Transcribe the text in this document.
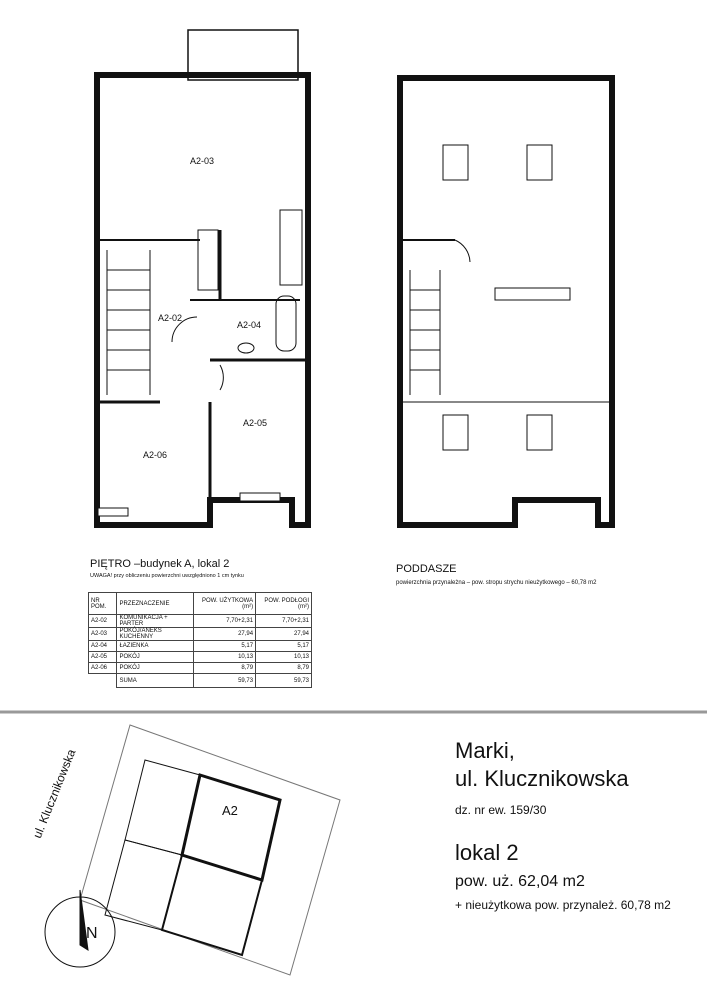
A2-03
A2-02
A2-04
A2-05
A2-06
PIĘTRO –budynek A, lokal 2
UWAGA! przy obliczeniu powierzchni uwzględniono 1 cm tynku
NR POM.	PRZEZNACZENIE	POW. UŻYTKOWA (m²)	POW. PODŁOGI (m²)
A2-02	KOMUNIKACJA + PARTER	7,70+2,31	7,70+2,31
A2-03	POKÓJ/ANEKS KUCHENNY	27,94	27,94
A2-04	ŁAZIENKA	5,17	5,17
A2-05	POKÓJ	10,13	10,13
A2-06	POKÓJ	8,79	8,79
	SUMA	59,73	59,73
PODDASZE
powierzchnia przynależna – pow. stropu strychu nieużytkowego – 60,78 m2
ul. Klucznikowska	A2
N
Marki,
ul. Klucznikowska
dz. nr ew. 159/30
lokal 2
pow. uż. 62,04 m2
+ nieużytkowa pow. przynależ. 60,78 m2
